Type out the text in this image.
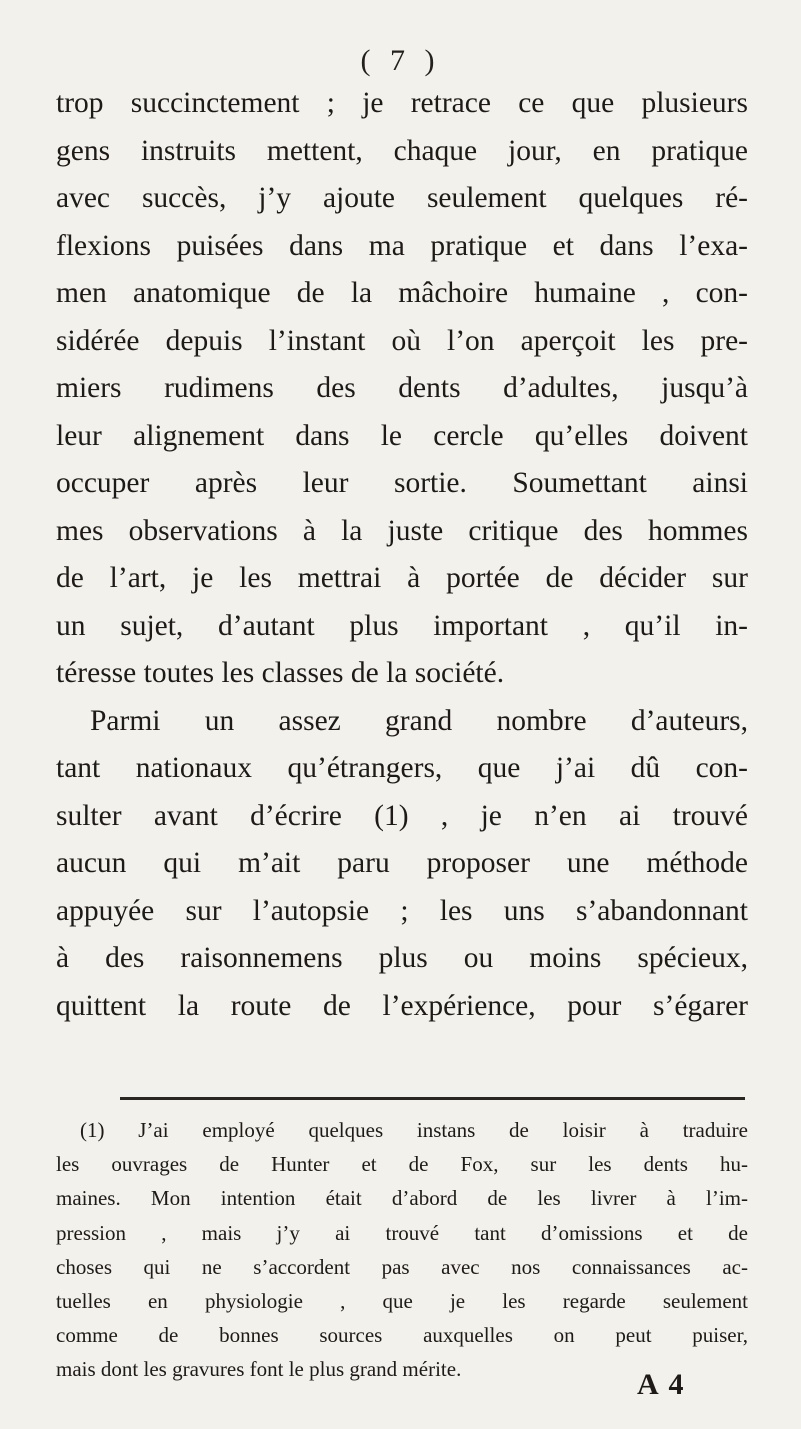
( 7 )
trop succinctement ; je retrace ce que plusieurs
gens instruits mettent, chaque jour, en pratique
avec succès, j’y ajoute seulement quelques ré-
flexions puisées dans ma pratique et dans l’exa-
men anatomique de la mâchoire humaine , con-
sidérée depuis l’instant où l’on aperçoit les pre-
miers rudimens des dents d’adultes, jusqu’à
leur alignement dans le cercle qu’elles doivent
occuper après leur sortie. Soumettant ainsi
mes observations à la juste critique des hommes
de l’art, je les mettrai à portée de décider sur
un sujet, d’autant plus important , qu’il in-
téresse toutes les classes de la société.
Parmi un assez grand nombre d’auteurs,
tant nationaux qu’étrangers, que j’ai dû con-
sulter avant d’écrire (1) , je n’en ai trouvé
aucun qui m’ait paru proposer une méthode
appuyée sur l’autopsie ; les uns s’abandonnant
à des raisonnemens plus ou moins spécieux,
quittent la route de l’expérience, pour s’égarer
(1) J’ai employé quelques instans de loisir à traduire
les ouvrages de Hunter et de Fox, sur les dents hu-
maines. Mon intention était d’abord de les livrer à l’im-
pression , mais j’y ai trouvé tant d’omissions et de
choses qui ne s’accordent pas avec nos connaissances ac-
tuelles en physiologie , que je les regarde seulement
comme de bonnes sources auxquelles on peut puiser,
mais dont les gravures font le plus grand mérite.	A 4
